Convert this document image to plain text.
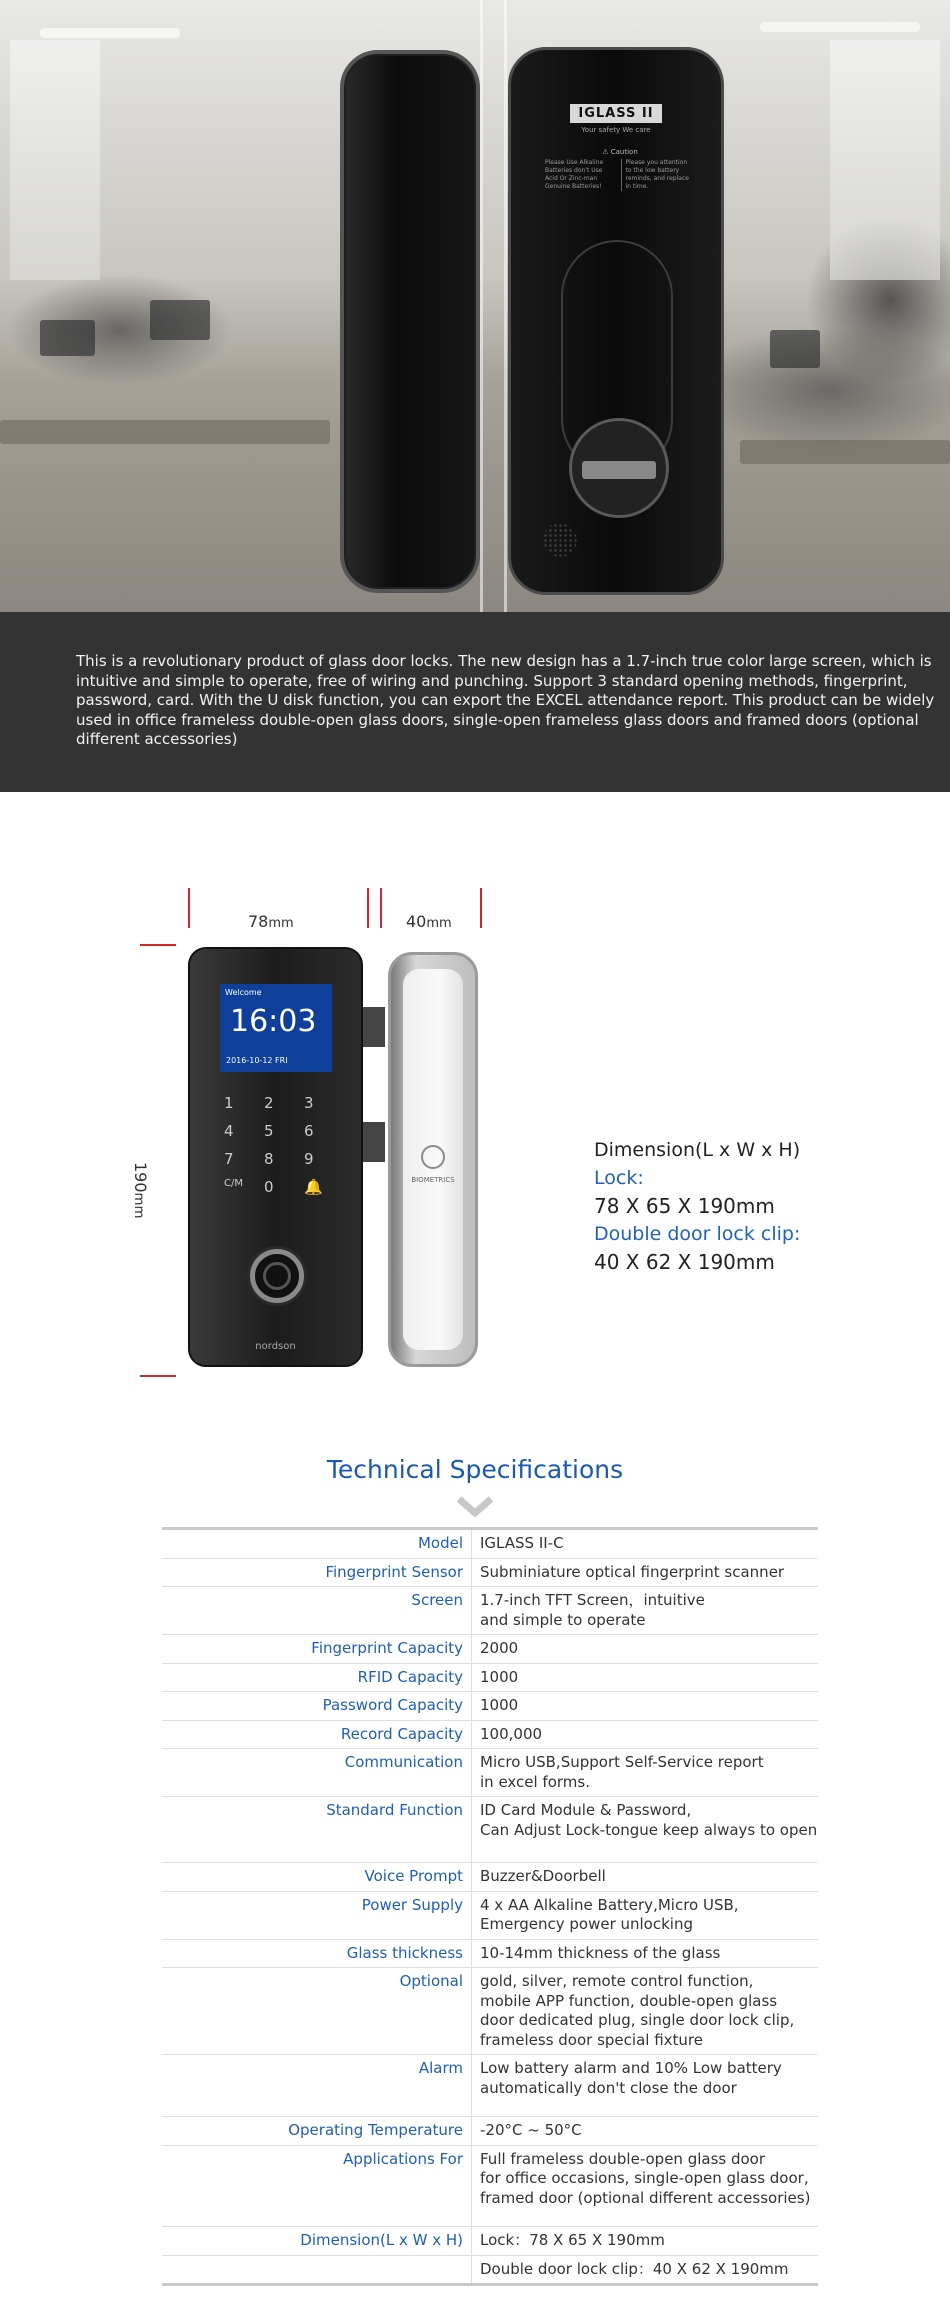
IGLASS II
Your safety We care
⚠ Caution
Please Use Alkaline Batteries don't Use Acid Or Zinc-man Genuine Batteries!
Please you attention to the low battery reminds, and replace in time.

This is a revolutionary product of glass door locks. The new design has a 1.7-inch true color large screen, which is intuitive and simple to operate, free of wiring and punching. Support 3 standard opening methods, fingerprint, password, card. With the U disk function, you can export the EXCEL attendance report. This product can be widely used in office frameless double-open glass doors, single-open frameless glass doors and framed doors (optional different accessories)

78mm	40mm
190mm
Welcome
16:03
2016-10-12 FRI
1	2	3
4	5	6
7	8	9
C/M	0	🔔
nordson
BIOMETRICS
Dimension(L x W x H)
Lock:
78 X 65 X 190mm
Double door lock clip:
40 X 62 X 190mm
Technical Specifications
Model	IGLASS II-C
Fingerprint Sensor	Subminiature optical fingerprint scanner
Screen	1.7-inch TFT Screen，intuitive
and simple to operate
Fingerprint Capacity	2000
RFID Capacity	1000
Password Capacity	1000
Record Capacity	100,000
Communication	Micro USB,Support Self-Service report
in excel forms.
Standard Function	ID Card Module & Password,
Can Adjust Lock-tongue keep always to open
Voice Prompt	Buzzer&Doorbell
Power Supply	4 x AA Alkaline Battery,Micro USB,
Emergency power unlocking
Glass thickness	10-14mm thickness of the glass
Optional	gold, silver, remote control function,
mobile APP function, double-open glass
door dedicated plug, single door lock clip,
frameless door special fixture
Alarm	Low battery alarm and 10% Low battery
automatically don't close the door
Operating Temperature	-20°C ~ 50°C
Applications For	Full frameless double-open glass door
for office occasions, single-open glass door,
framed door (optional different accessories)
Dimension(L x W x H)	Lock：78 X 65 X 190mm
Double door lock clip：40 X 62 X 190mm
